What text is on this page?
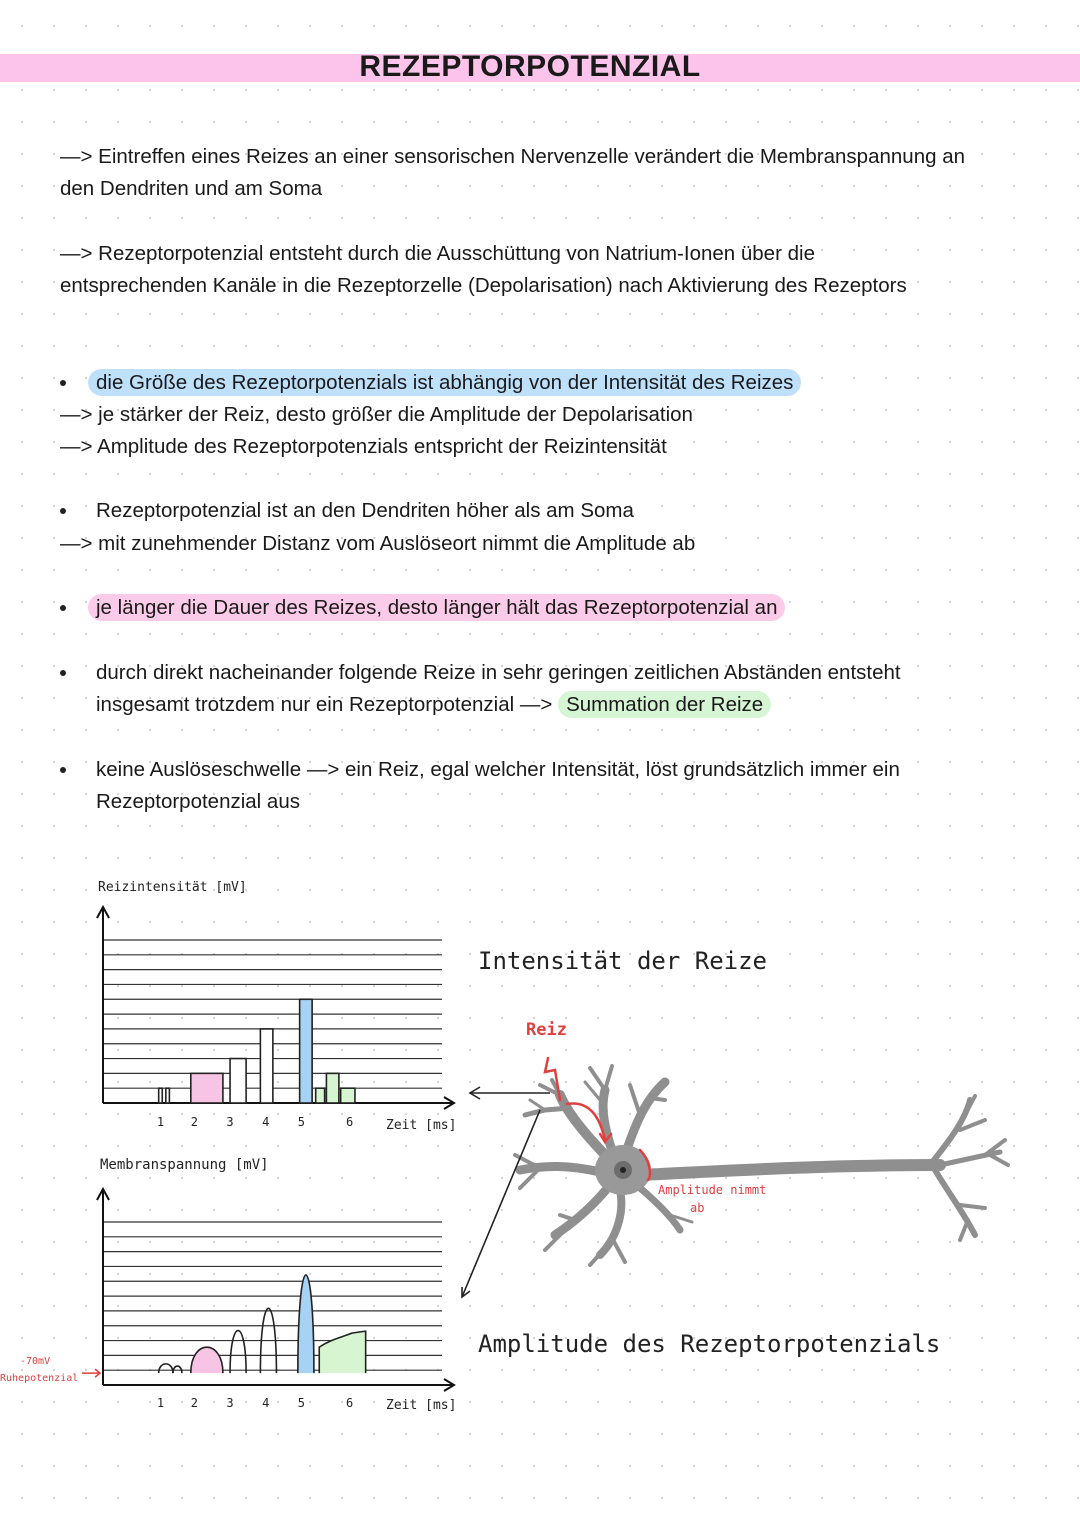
REZEPTORPOTENZIAL
—> Eintreffen eines Reizes an einer sensorischen Nervenzelle verändert die Membranspannung an
den Dendriten und am Soma
—> Rezeptorpotenzial entsteht durch die Ausschüttung von Natrium-Ionen über die
entsprechenden Kanäle in die Rezeptorzelle (Depolarisation) nach Aktivierung des Rezeptors
die Größe des Rezeptorpotenzials ist abhängig von der Intensität des Reizes
—> je stärker der Reiz, desto größer die Amplitude der Depolarisation
—> Amplitude des Rezeptorpotenzials entspricht der Reizintensität
Rezeptorpotenzial ist an den Dendriten höher als am Soma
—> mit zunehmender Distanz vom Auslöseort nimmt die Amplitude ab
je länger die Dauer des Reizes, desto länger hält das Rezeptorpotenzial an
durch direkt nacheinander folgende Reize in sehr geringen zeitlichen Abständen entsteht
insgesamt trotzdem nur ein Rezeptorpotenzial —> Summation der Reize
keine Auslöseschwelle —> ein Reiz, egal welcher Intensität, löst grundsätzlich immer ein
Rezeptorpotenzial aus
Reizintensität [mV]
Zeit [ms]
Membranspannung [mV]
Zeit [ms]
-70mV
Ruhepotenzial
Intensität der Reize
Reiz
Amplitude nimmt
ab
Amplitude des Rezeptorpotenzials
1 2 3 4 5	6
1 2 3 4 5	6
